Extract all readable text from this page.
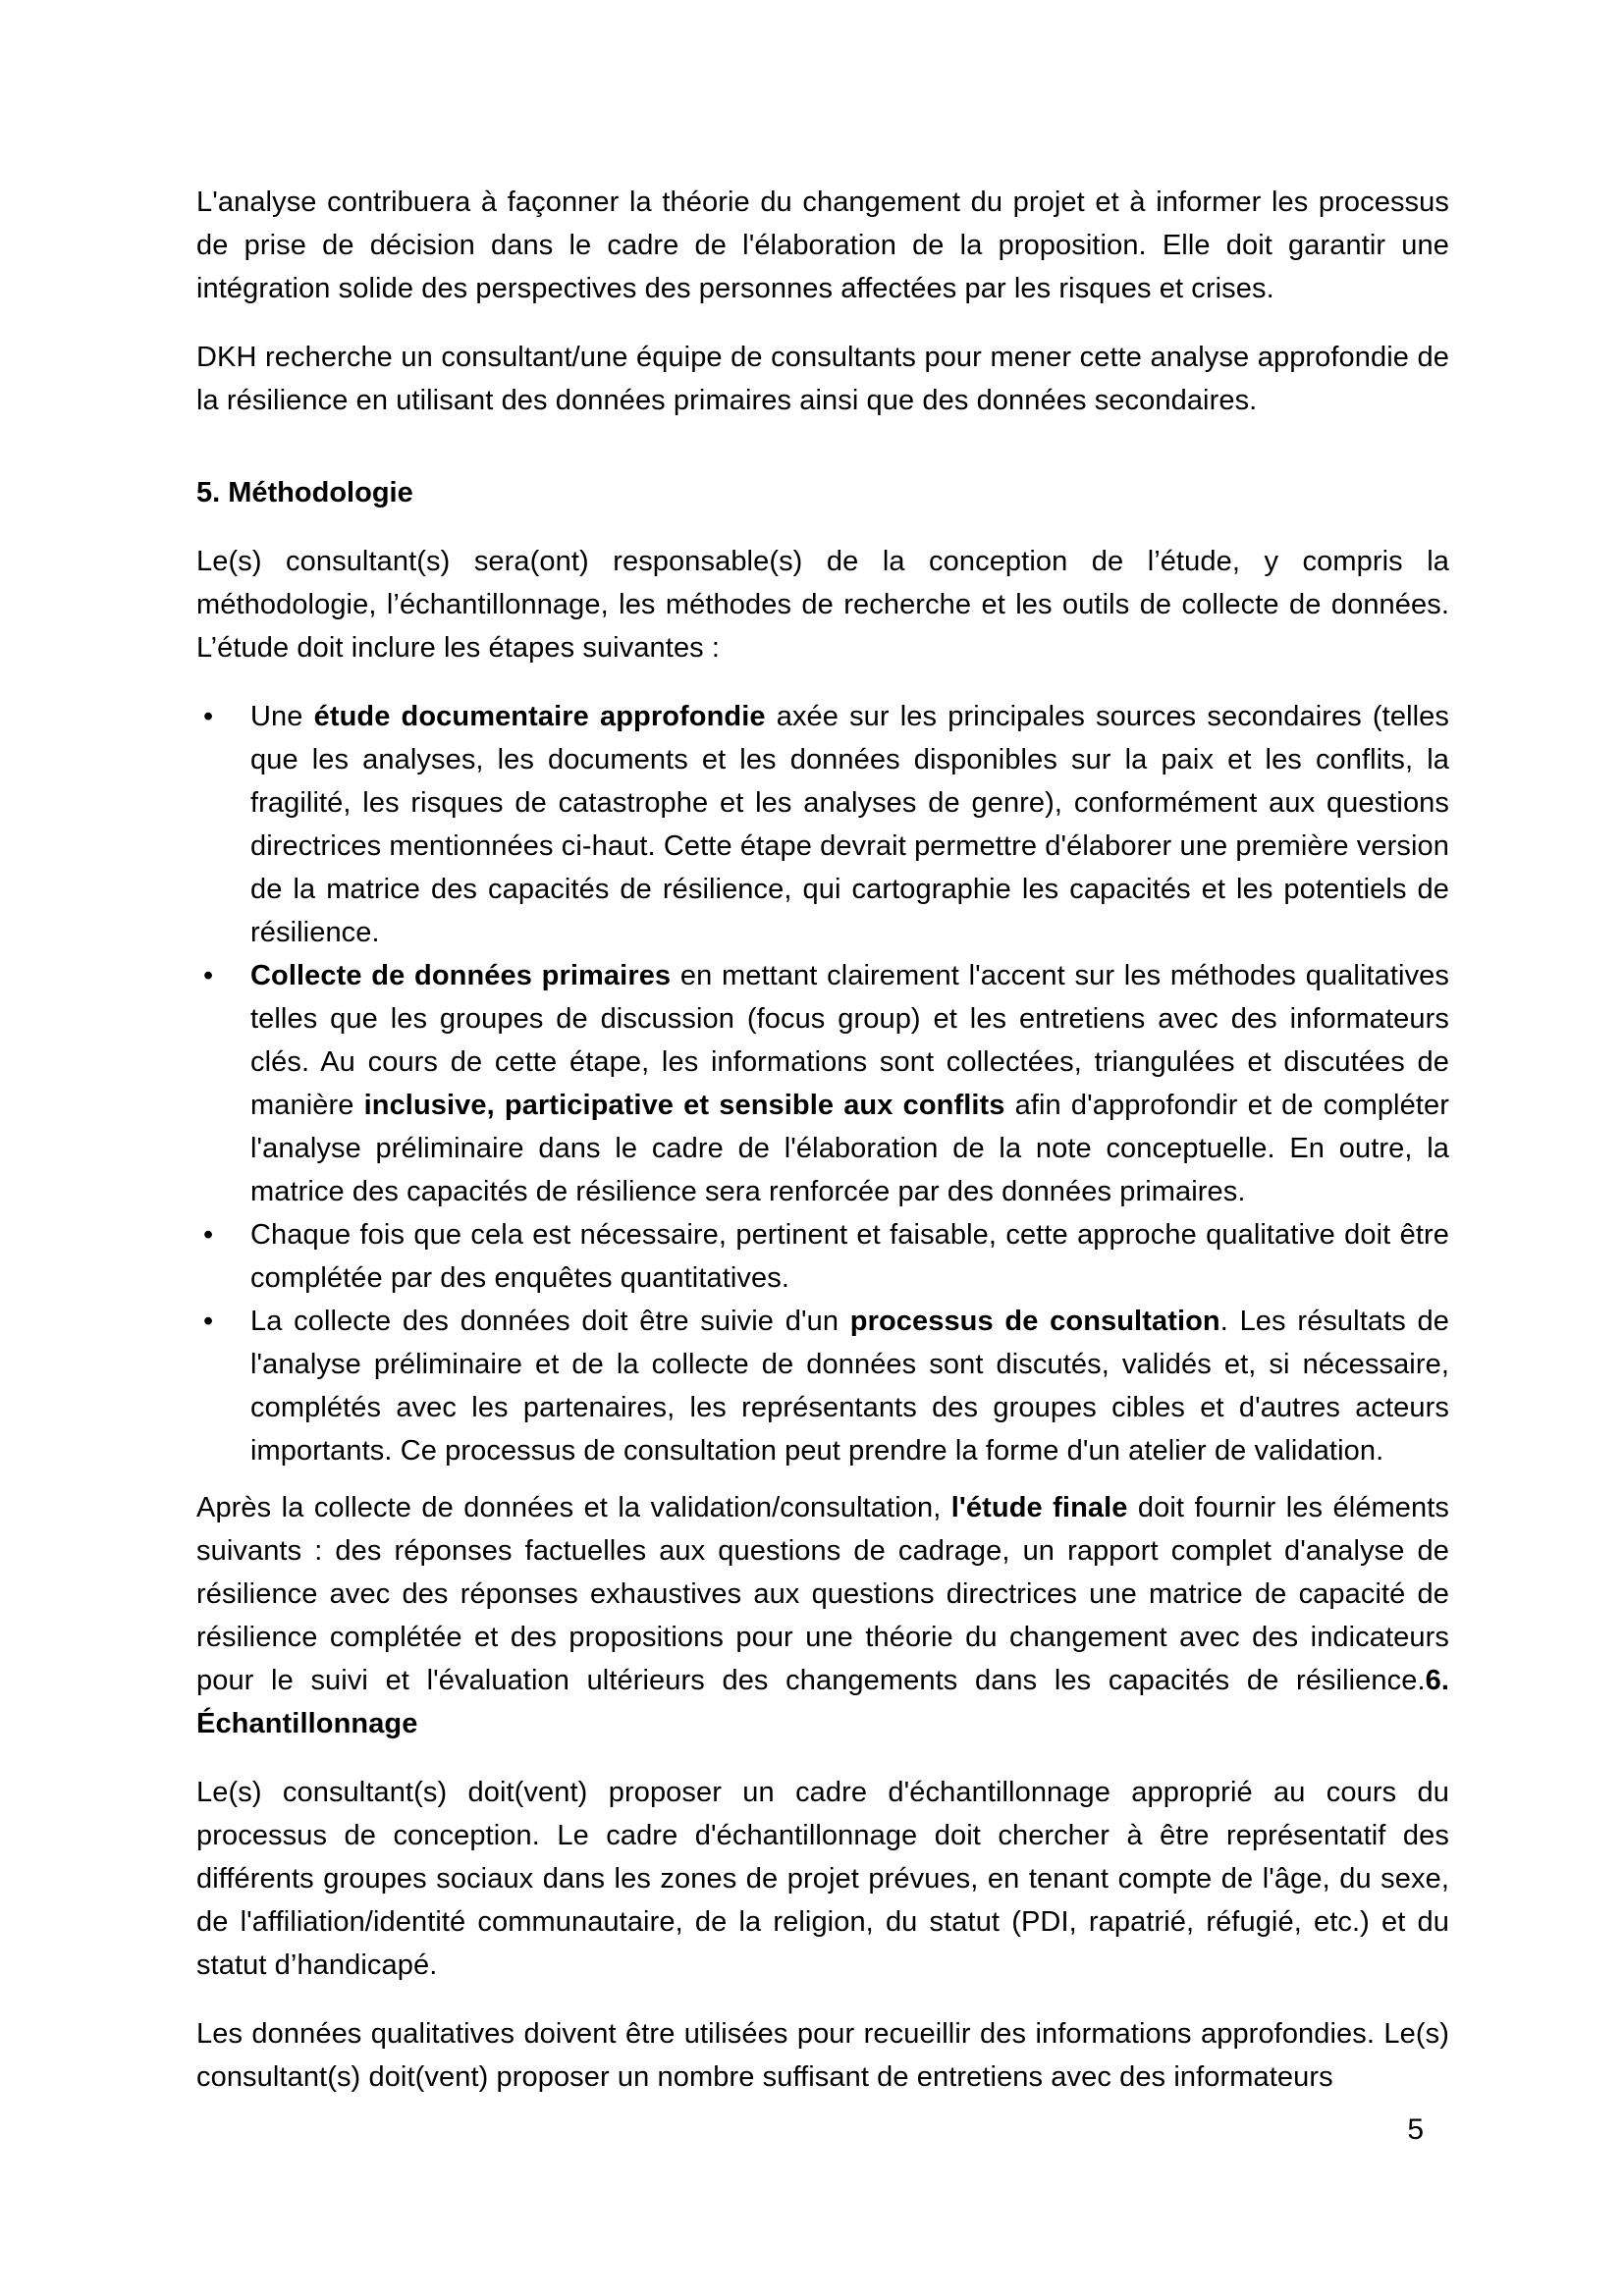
L'analyse contribuera à façonner la théorie du changement du projet et à informer les processus de prise de décision dans le cadre de l'élaboration de la proposition. Elle doit garantir une intégration solide des perspectives des personnes affectées par les risques et crises.

DKH recherche un consultant/une équipe de consultants pour mener cette analyse approfondie de la résilience en utilisant des données primaires ainsi que des données secondaires.

5. Méthodologie

Le(s) consultant(s) sera(ont) responsable(s) de la conception de l’étude, y compris la méthodologie, l’échantillonnage, les méthodes de recherche et les outils de collecte de données. L’étude doit inclure les étapes suivantes :

• Une étude documentaire approfondie axée sur les principales sources secondaires (telles que les analyses, les documents et les données disponibles sur la paix et les conflits, la fragilité, les risques de catastrophe et les analyses de genre), conformément aux questions directrices mentionnées ci-haut. Cette étape devrait permettre d'élaborer une première version de la matrice des capacités de résilience, qui cartographie les capacités et les potentiels de résilience.
• Collecte de données primaires en mettant clairement l'accent sur les méthodes qualitatives telles que les groupes de discussion (focus group) et les entretiens avec des informateurs clés. Au cours de cette étape, les informations sont collectées, triangulées et discutées de manière inclusive, participative et sensible aux conflits afin d'approfondir et de compléter l'analyse préliminaire dans le cadre de l'élaboration de la note conceptuelle. En outre, la matrice des capacités de résilience sera renforcée par des données primaires.
• Chaque fois que cela est nécessaire, pertinent et faisable, cette approche qualitative doit être complétée par des enquêtes quantitatives.
• La collecte des données doit être suivie d'un processus de consultation. Les résultats de l'analyse préliminaire et de la collecte de données sont discutés, validés et, si nécessaire, complétés avec les partenaires, les représentants des groupes cibles et d'autres acteurs importants. Ce processus de consultation peut prendre la forme d'un atelier de validation.

Après la collecte de données et la validation/consultation, l'étude finale doit fournir les éléments suivants : des réponses factuelles aux questions de cadrage, un rapport complet d'analyse de résilience avec des réponses exhaustives aux questions directrices une matrice de capacité de résilience complétée et des propositions pour une théorie du changement avec des indicateurs pour le suivi et l'évaluation ultérieurs des changements dans les capacités de résilience.6. Échantillonnage

Le(s) consultant(s) doit(vent) proposer un cadre d'échantillonnage approprié au cours du processus de conception. Le cadre d'échantillonnage doit chercher à être représentatif des différents groupes sociaux dans les zones de projet prévues, en tenant compte de l'âge, du sexe, de l'affiliation/identité communautaire, de la religion, du statut (PDI, rapatrié, réfugié, etc.) et du statut d’handicapé.

Les données qualitatives doivent être utilisées pour recueillir des informations approfondies. Le(s) consultant(s) doit(vent) proposer un nombre suffisant de entretiens avec des informateurs

5
